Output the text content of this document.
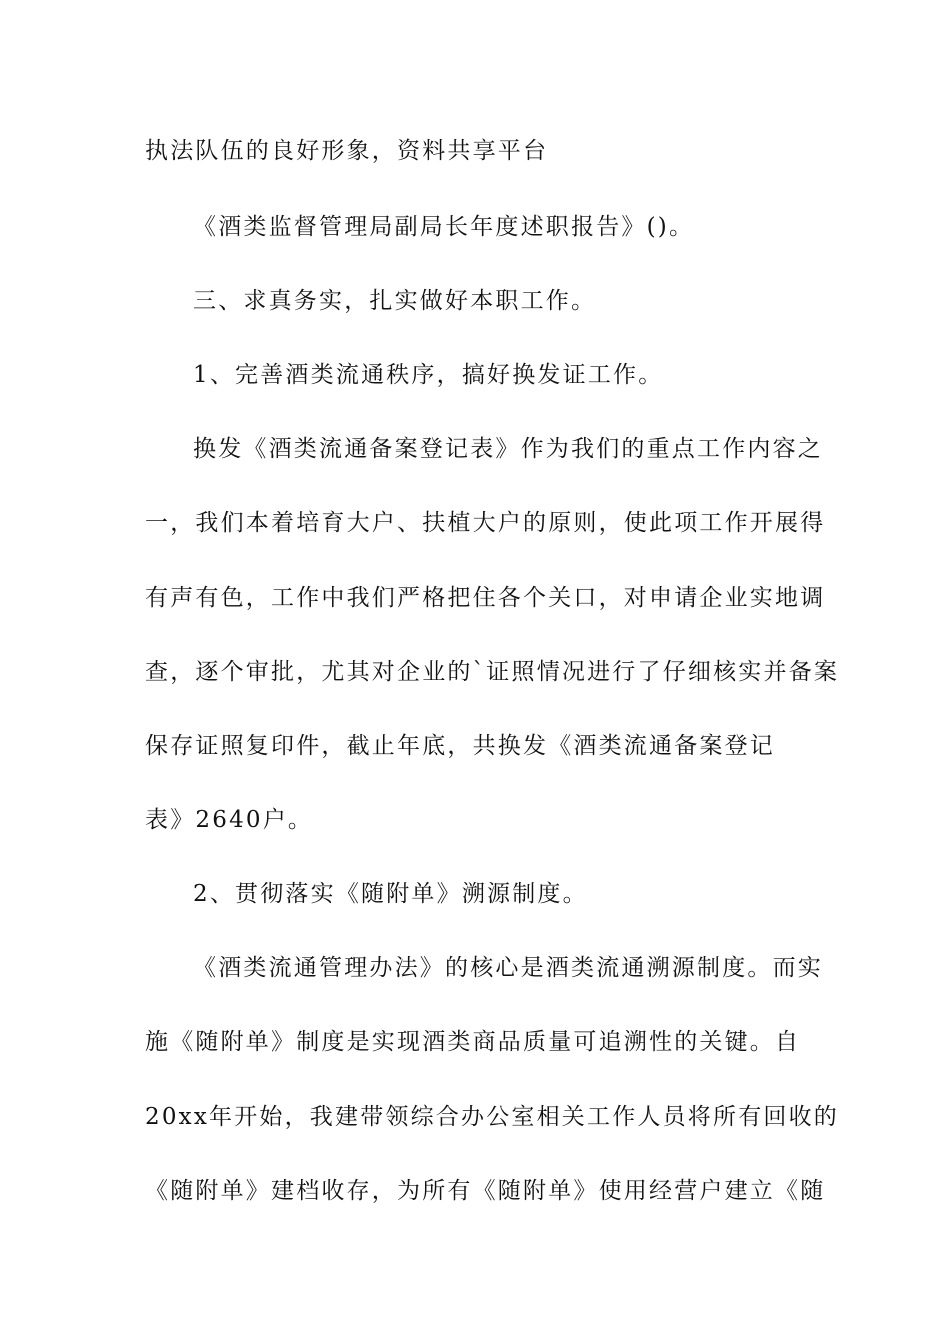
执法队伍的良好形象，资料共享平台
《酒类监督管理局副局长年度述职报告》()。
三、求真务实，扎实做好本职工作。
1、完善酒类流通秩序，搞好换发证工作。
换发《酒类流通备案登记表》作为我们的重点工作内容之
一，我们本着培育大户、扶植大户的原则，使此项工作开展得
有声有色，工作中我们严格把住各个关口，对申请企业实地调
查，逐个审批，尤其对企业的`证照情况进行了仔细核实并备案
保存证照复印件，截止年底，共换发《酒类流通备案登记
表》2640户。
2、贯彻落实《随附单》溯源制度。
《酒类流通管理办法》的核心是酒类流通溯源制度。而实
施《随附单》制度是实现酒类商品质量可追溯性的关键。自
20xx年开始，我建带领综合办公室相关工作人员将所有回收的
《随附单》建档收存，为所有《随附单》使用经营户建立《随
